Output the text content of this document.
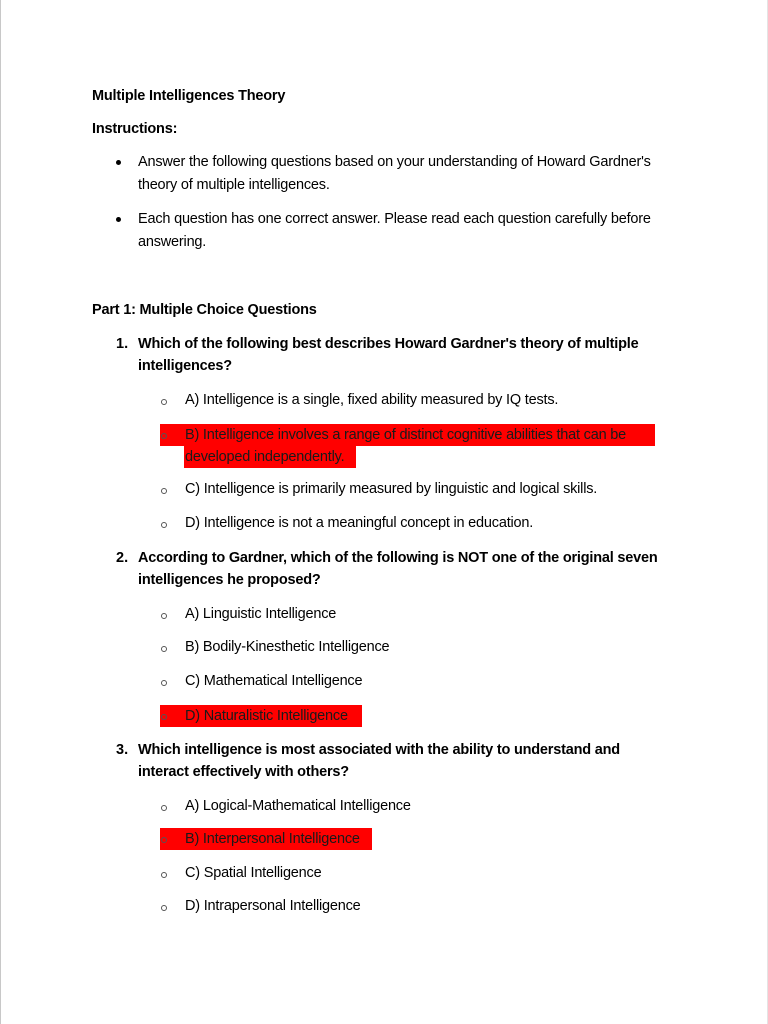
Multiple Intelligences Theory
Instructions:
Answer the following questions based on your understanding of Howard Gardner's
theory of multiple intelligences.
Each question has one correct answer. Please read each question carefully before
answering.
Part 1: Multiple Choice Questions
1. Which of the following best describes Howard Gardner's theory of multiple
intelligences?
A) Intelligence is a single, fixed ability measured by IQ tests.
B) Intelligence involves a range of distinct cognitive abilities that can be
developed independently.
C) Intelligence is primarily measured by linguistic and logical skills.
D) Intelligence is not a meaningful concept in education.
2. According to Gardner, which of the following is NOT one of the original seven
intelligences he proposed?
A) Linguistic Intelligence
B) Bodily-Kinesthetic Intelligence
C) Mathematical Intelligence
D) Naturalistic Intelligence
3. Which intelligence is most associated with the ability to understand and
interact effectively with others?
A) Logical-Mathematical Intelligence
B) Interpersonal Intelligence
C) Spatial Intelligence
D) Intrapersonal Intelligence
